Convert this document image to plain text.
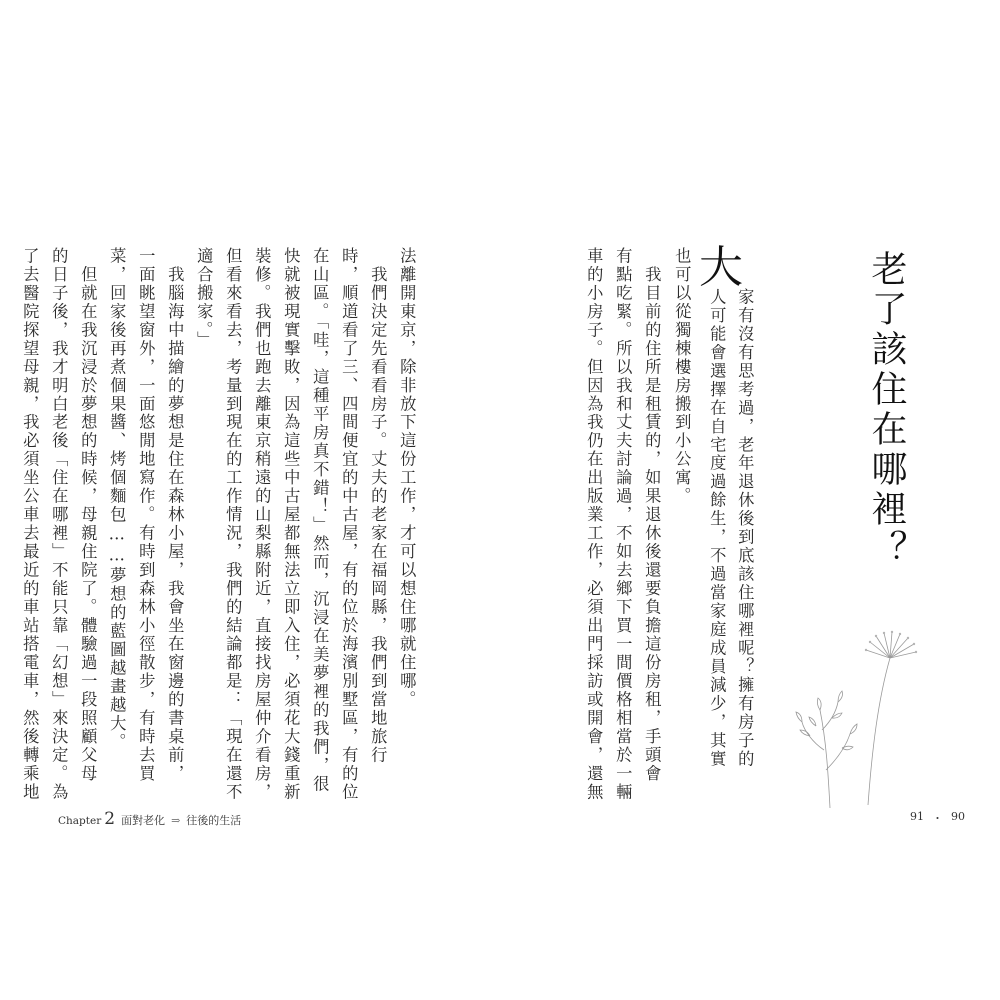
老了該住在哪裡？
大
家有沒有思考過，老年退休後到底該住哪裡呢？擁有房子的
人可能會選擇在自宅度過餘生，不過當家庭成員減少，其實
也可以從獨棟樓房搬到小公寓。
　我目前的住所是租賃的，如果退休後還要負擔這份房租，手頭會
有點吃緊。所以我和丈夫討論過，不如去鄉下買一間價格相當於一輛
車的小房子。但因為我仍在出版業工作，必須出門採訪或開會，還無
法離開東京，除非放下這份工作，才可以想住哪就住哪。
　我們決定先看看房子。丈夫的老家在福岡縣，我們到當地旅行
時，順道看了三、四間便宜的中古屋，有的位於海濱別墅區，有的位
在山區。「哇，這種平房真不錯！」然而，沉浸在美夢裡的我們，很
快就被現實擊敗，因為這些中古屋都無法立即入住，必須花大錢重新
裝修。我們也跑去離東京稍遠的山梨縣附近，直接找房屋仲介看房，
但看來看去，考量到現在的工作情況，我們的結論都是：「現在還不
適合搬家。」
　我腦海中描繪的夢想是住在森林小屋，我會坐在窗邊的書桌前，
一面眺望窗外，一面悠閒地寫作。有時到森林小徑散步，有時去買
菜，回家後再煮個果醬、烤個麵包……夢想的藍圖越畫越大。
　但就在我沉浸於夢想的時候，母親住院了。體驗過一段照顧父母
的日子後，我才明白老後「住在哪裡」不能只靠「幻想」來決定。為
了去醫院探望母親，我必須坐公車去最近的車站搭電車，然後轉乘地
Chapter 2 面對老化 ⇒ 往後的生活	91 ・ 90
